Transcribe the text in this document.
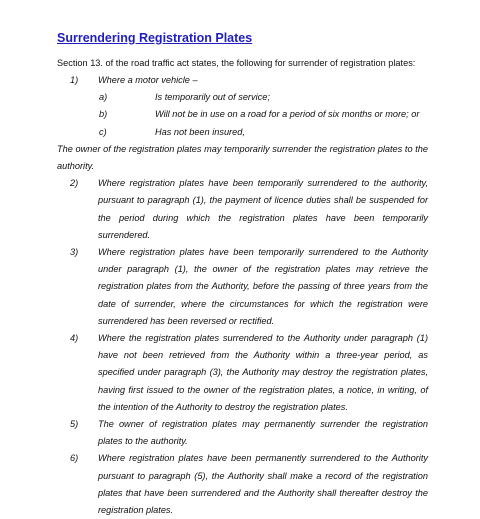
Surrendering Registration Plates

Section 13. of the road traffic act states, the following for surrender of registration plates:

1) Where a motor vehicle –
a)	Is temporarily out of service;
b)	Will not be in use on a road for a period of six months or more; or
c)	Has not been insured,

The owner of the registration plates may temporarily surrender the registration plates to the authority.

2) Where registration plates have been temporarily surrendered to the authority, pursuant to paragraph (1), the payment of licence duties shall be suspended for the period during which the registration plates have been temporarily surrendered.
3) Where registration plates have been temporarily surrendered to the Authority under paragraph (1), the owner of the registration plates may retrieve the registration plates from the Authority, before the passing of three years from the date of surrender, where the circumstances for which the registration were surrendered has been reversed or rectified.
4) Where the registration plates surrendered to the Authority under paragraph (1) have not been retrieved from the Authority within a three-year period, as specified under paragraph (3), the Authority may destroy the registration plates, having first issued to the owner of the registration plates, a notice, in writing, of the intention of the Authority to destroy the registration plates.
5) The owner of registration plates may permanently surrender the registration plates to the authority.
6) Where registration plates have been permanently surrendered to the Authority pursuant to paragraph (5), the Authority shall make a record of the registration plates that have been surrendered and the Authority shall thereafter destroy the registration plates.
